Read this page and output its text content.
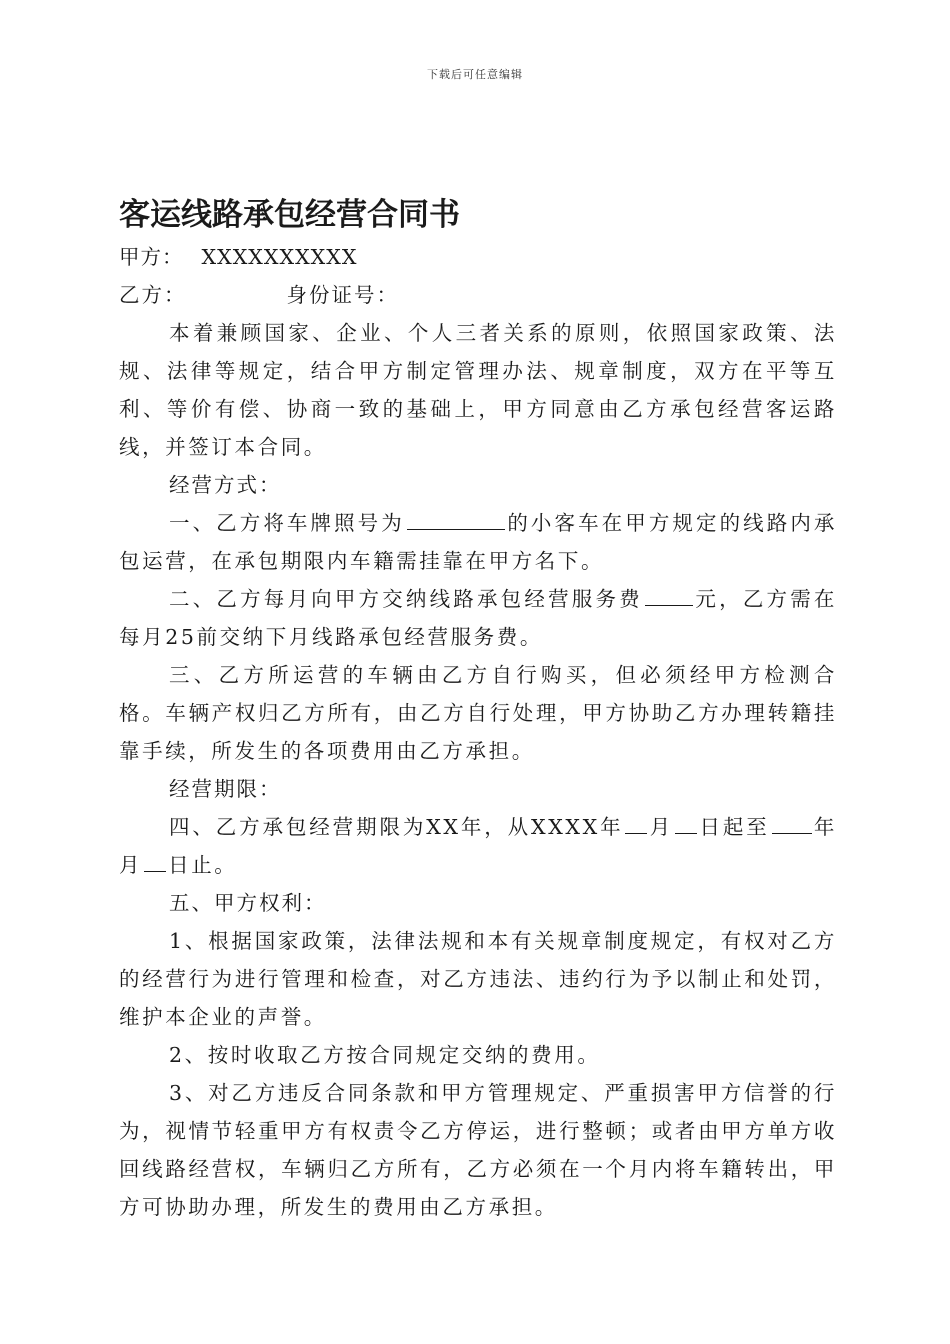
下载后可任意编辑
客运线路承包经营合同书

甲方： XXXXXXXXXX

乙方：	身份证号：

本着兼顾国家、企业、个人三者关系的原则，依照国家政策、法规、法律等规定，结合甲方制定管理办法、规章制度，双方在平等互利、等价有偿、协商一致的基础上，甲方同意由乙方承包经营客运路线，并签订本合同。

经营方式：

一、乙方将车牌照号为	的小客车在甲方规定的线路内承包运营，在承包期限内车籍需挂靠在甲方名下。

二、乙方每月向甲方交纳线路承包经营服务费	元，乙方需在每月25前交纳下月线路承包经营服务费。

三、乙方所运营的车辆由乙方自行购买，但必须经甲方检测合格。车辆产权归乙方所有，由乙方自行处理，甲方协助乙方办理转籍挂靠手续，所发生的各项费用由乙方承担。

经营期限：

四、乙方承包经营期限为XX年，从XXXX年 月 日起至 年月 日止。

五、甲方权利：

1、根据国家政策，法律法规和本有关规章制度规定，有权对乙方的经营行为进行管理和检查，对乙方违法、违约行为予以制止和处罚，维护本企业的声誉。

2、按时收取乙方按合同规定交纳的费用。

3、对乙方违反合同条款和甲方管理规定、严重损害甲方信誉的行为，视情节轻重甲方有权责令乙方停运，进行整顿；或者由甲方单方收回线路经营权，车辆归乙方所有，乙方必须在一个月内将车籍转出，甲方可协助办理，所发生的费用由乙方承担。
